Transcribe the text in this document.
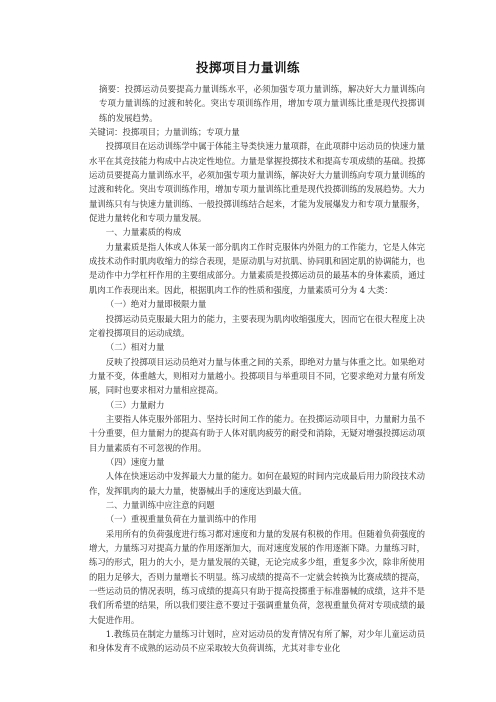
投掷项目力量训练

摘要：投掷运动员要提高力量训练水平，必须加强专项力量训练，解决好大力量训练向专项力量训练的过渡和转化。突出专项训练作用，增加专项力量训练比重是现代投掷训练的发展趋势。

关键词：投掷项目；力量训练；专项力量

投掷项目在运动训练学中属于体能主导类快速力量项群，在此项群中运动员的快速力量水平在其竞技能力构成中占决定性地位。力量是掌握投掷技术和提高专项成绩的基础。投掷运动员要提高力量训练水平，必须加强专项力量训练，解决好大力量训练向专项力量训练的过渡和转化。突出专项训练作用，增加专项力量训练比重是现代投掷训练的发展趋势。大力量训练只有与快速力量训练、一般投掷训练结合起来，才能为发展爆发力和专项力量服务，促进力量转化和专项力量发展。

一、力量素质的构成

力量素质是指人体或人体某一部分肌肉工作时克服体内外阻力的工作能力，它是人体完成技术动作时肌肉收缩力的综合表现，是原动肌与对抗肌、协同肌和固定肌的协调能力，也是动作中力学杠杆作用的主要组成部分。力量素质是投掷运动员的最基本的身体素质，通过肌肉工作表现出来。因此，根据肌肉工作的性质和强度，力量素质可分为 4 大类：

（一）绝对力量即极限力量

投掷运动员克服最大阻力的能力，主要表现为肌肉收缩强度大，因而它在很大程度上决定着投掷项目的运动成绩。

（二）相对力量

反映了投掷项目运动员绝对力量与体重之间的关系，即绝对力量与体重之比。如果绝对力量不变，体重越大，则相对力量越小。投掷项目与举重项目不同，它要求绝对力量有所发展，同时也要求相对力量相应提高。

（三）力量耐力

主要指人体克服外部阻力、坚持长时间工作的能力。在投掷运动项目中，力量耐力虽不十分重要，但力量耐力的提高有助于人体对肌肉疲劳的耐受和消除，无疑对增强投掷运动项目力量素质有不可忽视的作用。

（四）速度力量

人体在快速运动中发挥最大力量的能力。如何在最短的时间内完成最后用力阶段技术动作，发挥肌肉的最大力量，使器械出手的速度达到最大值。

二、力量训练中应注意的问题

（一）重视重量负荷在力量训练中的作用

采用所有的负荷强度进行练习都对速度和力量的发展有积极的作用。但随着负荷强度的增大，力量练习对提高力量的作用逐渐加大，而对速度发展的作用逐渐下降。力量练习时，练习的形式，阻力的大小，是力量发展的关键，无论完成多少组，重复多少次，除非所使用的阻力足够大，否则力量增长不明显。练习成绩的提高不一定就会转换为比赛成绩的提高，一些运动员的情况表明，练习成绩的提高只有助于提高投掷重于标准器械的成绩，这并不是我们所希望的结果，所以我们要注意不要过于强调重量负荷，忽视重量负荷对专项成绩的最大促进作用。

1.教练员在制定力量练习计划时，应对运动员的发育情况有所了解，对少年儿童运动员和身体发育不成熟的运动员不应采取较大负荷训练，尤其对非专业化
